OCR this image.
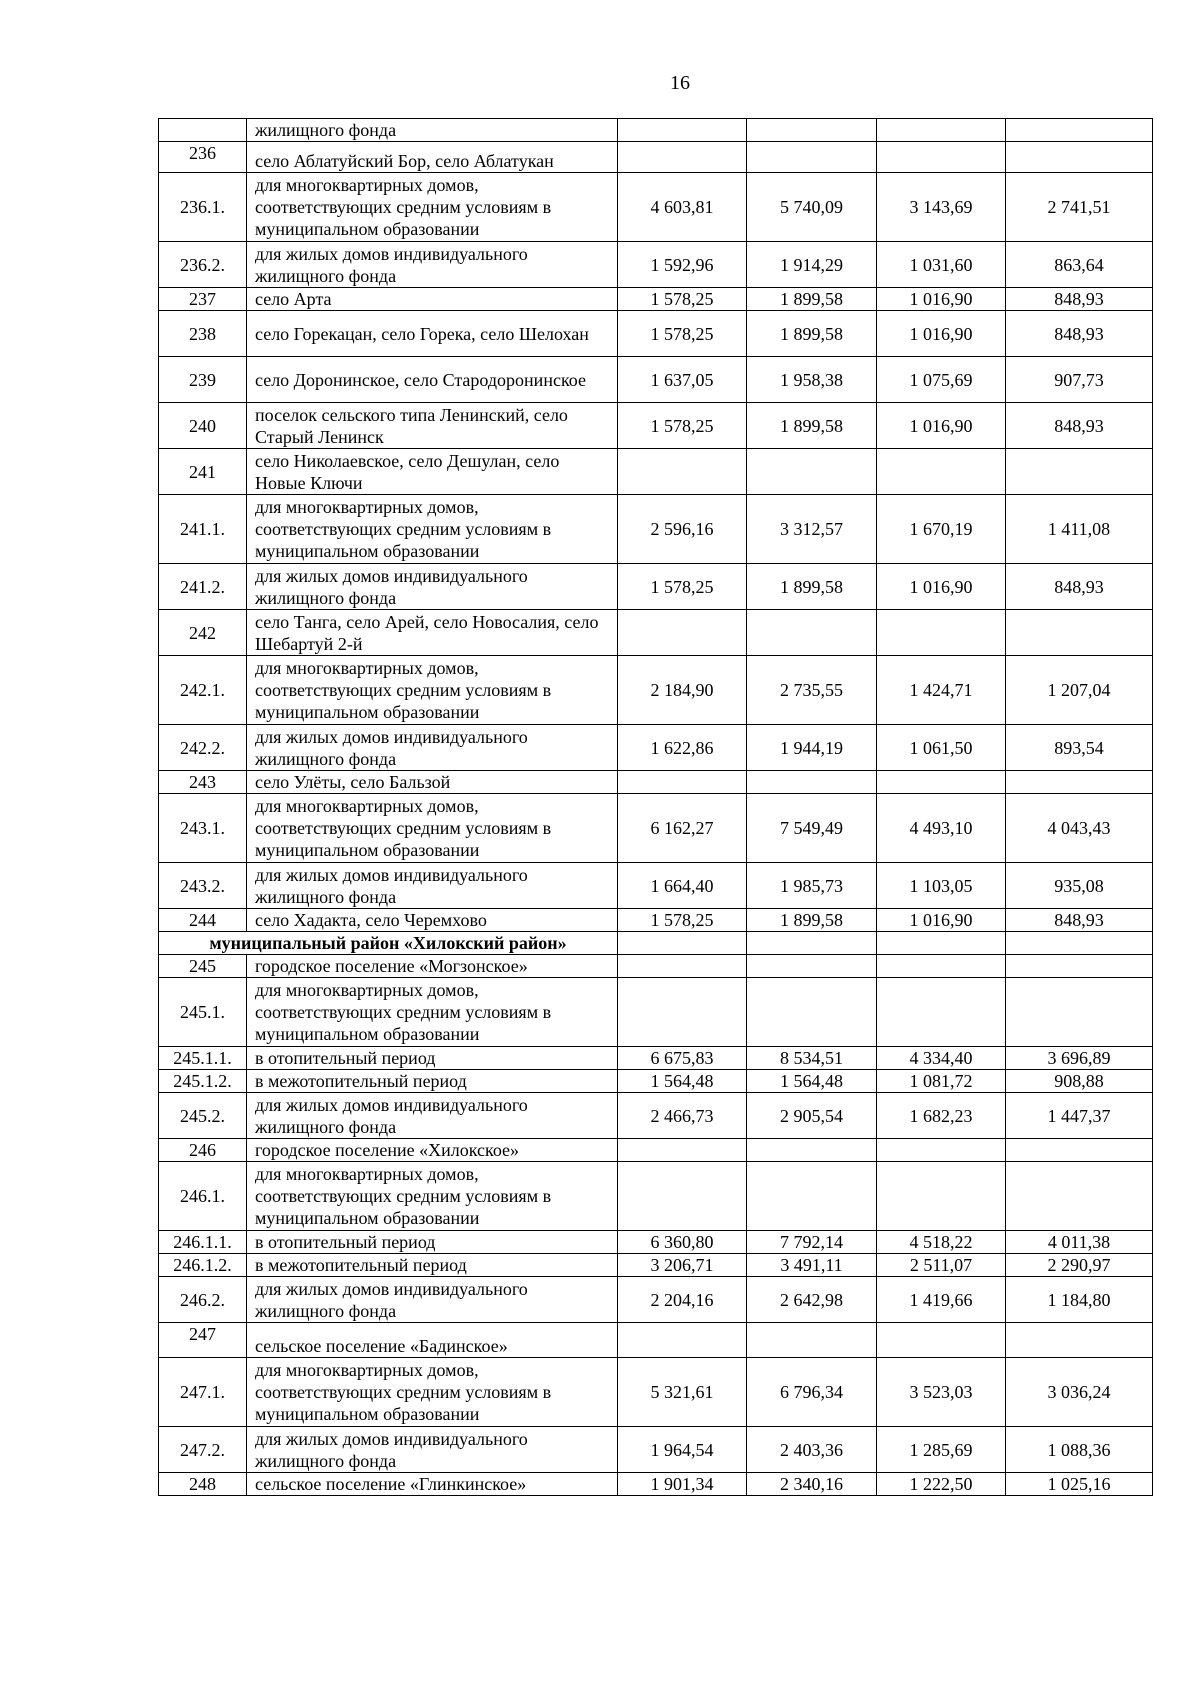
16
	жилищного фонда				
236	село Аблатуйский Бор, село Аблатукан				
236.1.	для многоквартирных домов, соответствующих средним условиям в муниципальном образовании	4 603,81	5 740,09	3 143,69	2 741,51
236.2.	для жилых домов индивидуального жилищного фонда	1 592,96	1 914,29	1 031,60	863,64
237	село Арта	1 578,25	1 899,58	1 016,90	848,93
238	село Горекацан, село Горека, село Шелохан	1 578,25	1 899,58	1 016,90	848,93
239	село Доронинское, село Стародоронинское	1 637,05	1 958,38	1 075,69	907,73
240	поселок сельского типа Ленинский, село Старый Ленинск	1 578,25	1 899,58	1 016,90	848,93
241	село Николаевское, село Дешулан, село Новые Ключи				
241.1.	для многоквартирных домов, соответствующих средним условиям в муниципальном образовании	2 596,16	3 312,57	1 670,19	1 411,08
241.2.	для жилых домов индивидуального жилищного фонда	1 578,25	1 899,58	1 016,90	848,93
242	село Танга, село Арей, село Новосалия, село Шебартуй 2-й				
242.1.	для многоквартирных домов, соответствующих средним условиям в муниципальном образовании	2 184,90	2 735,55	1 424,71	1 207,04
242.2.	для жилых домов индивидуального жилищного фонда	1 622,86	1 944,19	1 061,50	893,54
243	село Улёты, село Бальзой				
243.1.	для многоквартирных домов, соответствующих средним условиям в муниципальном образовании	6 162,27	7 549,49	4 493,10	4 043,43
243.2.	для жилых домов индивидуального жилищного фонда	1 664,40	1 985,73	1 103,05	935,08
244	село Хадакта, село Черемхово	1 578,25	1 899,58	1 016,90	848,93
муниципальный район «Хилокский район»					
245	городское поселение «Могзонское»				
245.1.	для многоквартирных домов, соответствующих средним условиям в муниципальном образовании				
245.1.1.	в отопительный период	6 675,83	8 534,51	4 334,40	3 696,89
245.1.2.	в межотопительный период	1 564,48	1 564,48	1 081,72	908,88
245.2.	для жилых домов индивидуального жилищного фонда	2 466,73	2 905,54	1 682,23	1 447,37
246	городское поселение «Хилокское»				
246.1.	для многоквартирных домов, соответствующих средним условиям в муниципальном образовании				
246.1.1.	в отопительный период	6 360,80	7 792,14	4 518,22	4 011,38
246.1.2.	в межотопительный период	3 206,71	3 491,11	2 511,07	2 290,97
246.2.	для жилых домов индивидуального жилищного фонда	2 204,16	2 642,98	1 419,66	1 184,80
247	сельское поселение «Бадинское»				
247.1.	для многоквартирных домов, соответствующих средним условиям в муниципальном образовании	5 321,61	6 796,34	3 523,03	3 036,24
247.2.	для жилых домов индивидуального жилищного фонда	1 964,54	2 403,36	1 285,69	1 088,36
248	сельское поселение «Глинкинское»	1 901,34	2 340,16	1 222,50	1 025,16
